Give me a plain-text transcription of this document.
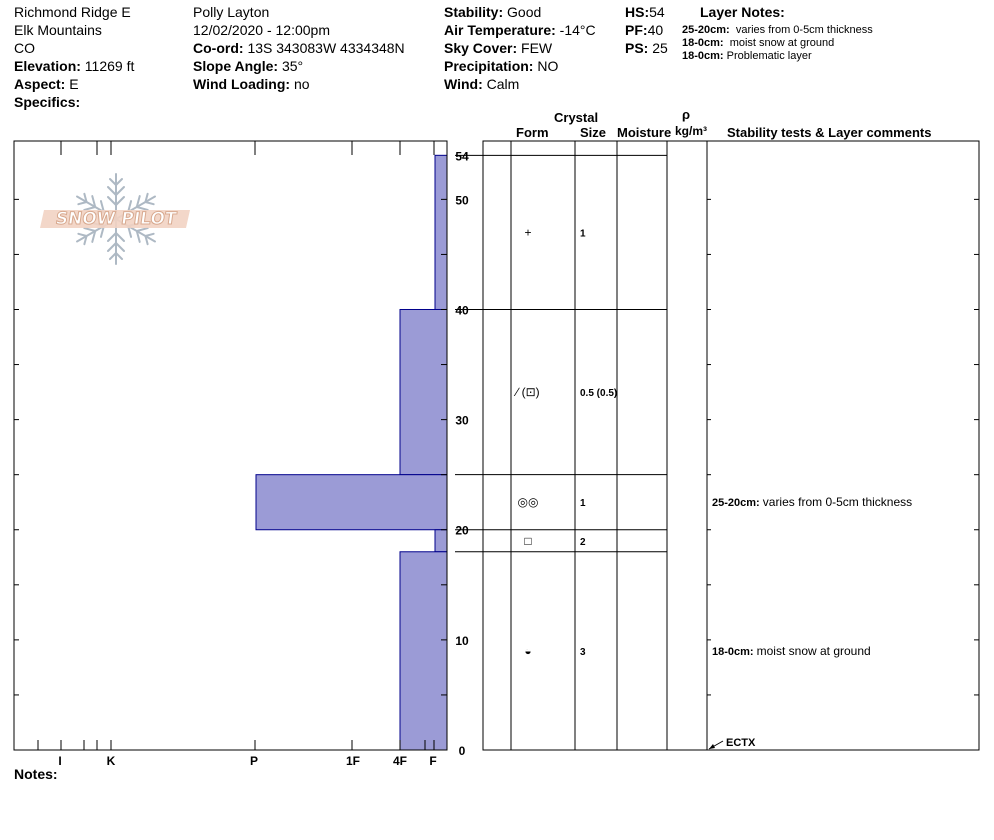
Richmond Ridge E
Elk Mountains
CO
Elevation: 11269 ft
Aspect: E
Specifics:
Polly Layton
12/02/2020 - 12:00pm
Co-ord: 13S 343083W 4334348N
Slope Angle: 35°
Wind Loading: no
Stability: Good
Air Temperature: -14°C
Sky Cover: FEW
Precipitation: NO
Wind: Calm
HS:54
PF:40
PS: 25
Layer Notes:
25-20cm: varies from 0-5cm thickness
18-0cm: moist snow at ground
18-0cm: Problematic layer
Crystal
Form Size Moisture
ρ
kg/m³ Stability tests & Layer comments
Notes:
SNOW PILOT
I	K	P	1F	4F F
0
10
20
30
40
50
54
+	1
∕ (⊡)	0.5 (0.5)
◎◎	1	25-20cm: varies from 0-5cm thickness
□	2
◒	3	18-0cm: moist snow at ground
ECTX
